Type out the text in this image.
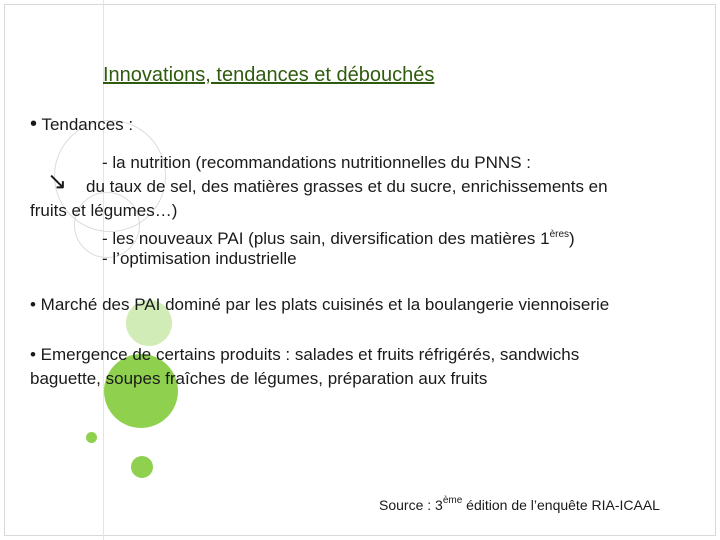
Innovations, tendances et débouchés
• Tendances :
- la nutrition (recommandations nutritionnelles du PNNS :
↘ du taux de sel, des matières grasses et du sucre, enrichissements en
fruits et légumes…)
- les nouveaux PAI (plus sain, diversification des matières 1ères)
- l’optimisation industrielle
• Marché des PAI dominé par les plats cuisinés et la boulangerie viennoiserie
• Emergence de certains produits : salades et fruits réfrigérés, sandwichs
baguette, soupes fraîches de légumes, préparation aux fruits
Source : 3ème édition de l’enquête RIA-ICAAL
